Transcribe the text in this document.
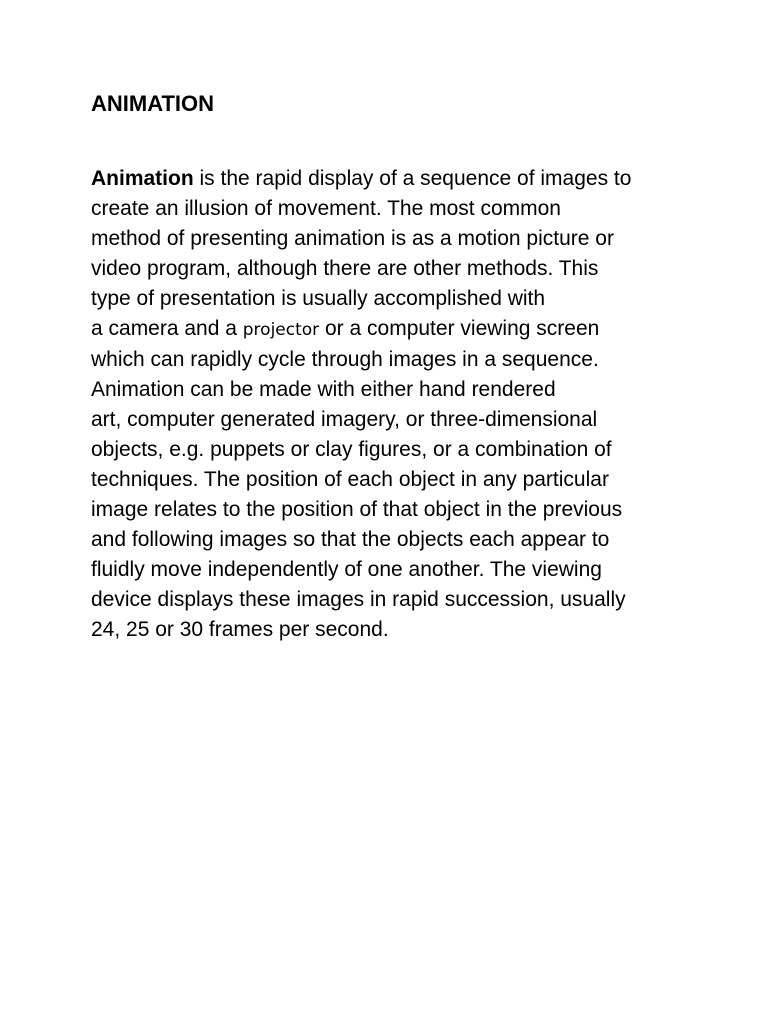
ANIMATION
Animation is the rapid display of a sequence of images to
create an illusion of movement. The most common
method of presenting animation is as a motion picture or
video program, although there are other methods. This
type of presentation is usually accomplished with
a camera and a projector or a computer viewing screen
which can rapidly cycle through images in a sequence.
Animation can be made with either hand rendered
art, computer generated imagery, or three-dimensional
objects, e.g. puppets or clay figures, or a combination of
techniques. The position of each object in any particular
image relates to the position of that object in the previous
and following images so that the objects each appear to
fluidly move independently of one another. The viewing
device displays these images in rapid succession, usually
24, 25 or 30 frames per second.
